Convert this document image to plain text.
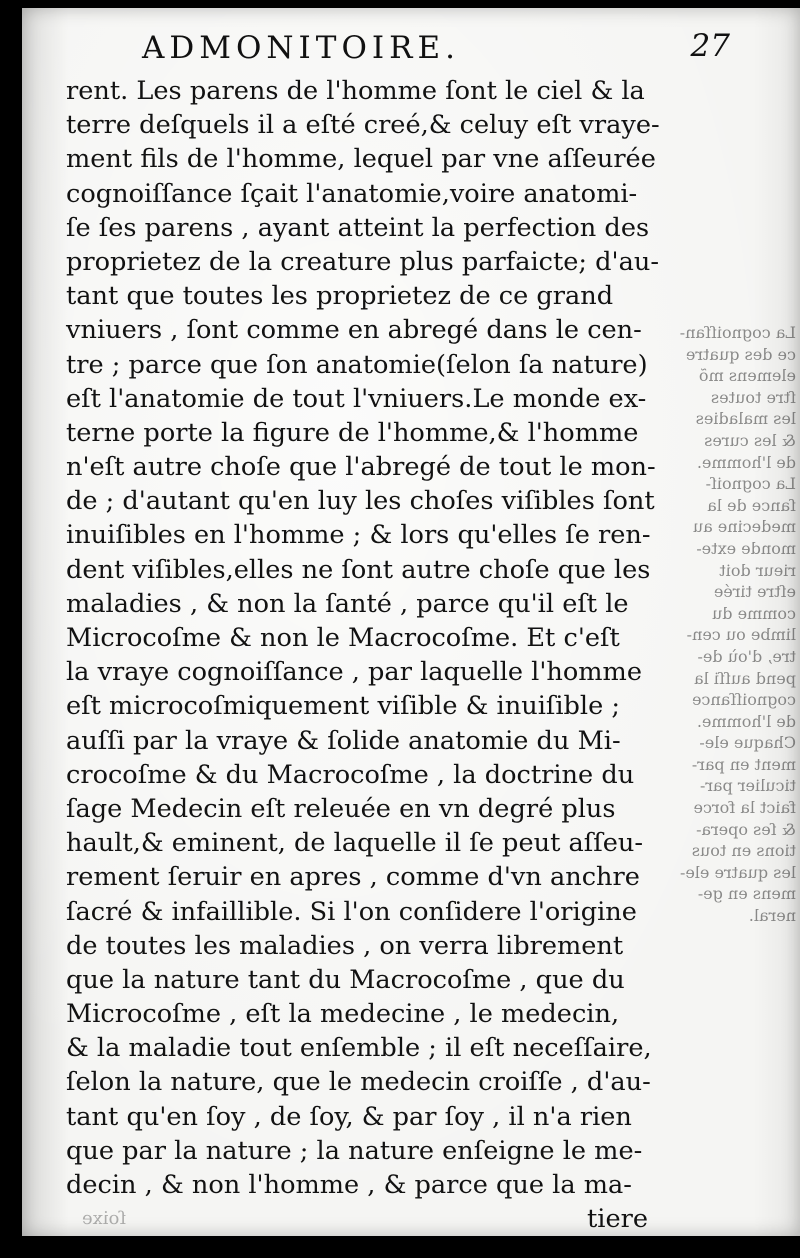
ADMONITOIRE.	27
rent. Les parens de l'homme ſont le ciel & la
terre deſquels il a eſté creé,& celuy eſt vraye-
ment fils de l'homme, lequel par vne aſſeurée
cognoiſſance ſçait l'anatomie,voire anatomi-
ſe ſes parens , ayant atteint la perfection des
proprietez de la creature plus parfaicte; d'au-
tant que toutes les proprietez de ce grand
vniuers , ſont comme en abregé dans le cen-
tre ; parce que ſon anatomie(ſelon ſa nature)
eſt l'anatomie de tout l'vniuers.Le monde ex-
terne porte la figure de l'homme,& l'homme
n'eſt autre choſe que l'abregé de tout le mon-
de ; d'autant qu'en luy les choſes viſibles ſont
inuiſibles en l'homme ; & lors qu'elles ſe ren-
dent viſibles,elles ne ſont autre choſe que les
maladies , & non la ſanté , parce qu'il eſt le
Microcoſme & non le Macrocoſme. Et c'eſt
la vraye cognoiſſance , par laquelle l'homme
eſt microcoſmiquement viſible & inuiſible ;
auſſi par la vraye & ſolide anatomie du Mi-
crocoſme & du Macrocoſme , la doctrine du
ſage Medecin eſt releuée en vn degré plus
hault,& eminent, de laquelle il ſe peut aſſeu-
rement ſeruir en apres , comme d'vn anchre
ſacré & infaillible. Si l'on conſidere l'origine
de toutes les maladies , on verra librement
que la nature tant du Macrocoſme , que du
Microcoſme , eſt la medecine , le medecin,
& la maladie tout enſemble ; il eſt neceſſaire,
ſelon la nature, que le medecin croiſſe , d'au-
tant qu'en ſoy , de ſoy, & par ſoy , il n'a rien
que par la nature ; la nature enſeigne le me-
decin , & non l'homme , & parce que la ma-
tiere
La cognoiſſan-
ce des quatre
elemens mõ
ſtre toutes
les maladies
& les cures
de l'homme.
La cognoiſ-
ſance de la
medecine au
monde exte-
rieur doit
eſtre tirée
comme du
limbe ou cen-
tre, d'où de-
pend auſſi la
cognoiſſance
de l'homme.
Chaque ele-
ment en par-
ticulier par-
faict la force
& ſes opera-
tions en tous
les quatre ele-
mens en ge-
neral.
ſoixe
